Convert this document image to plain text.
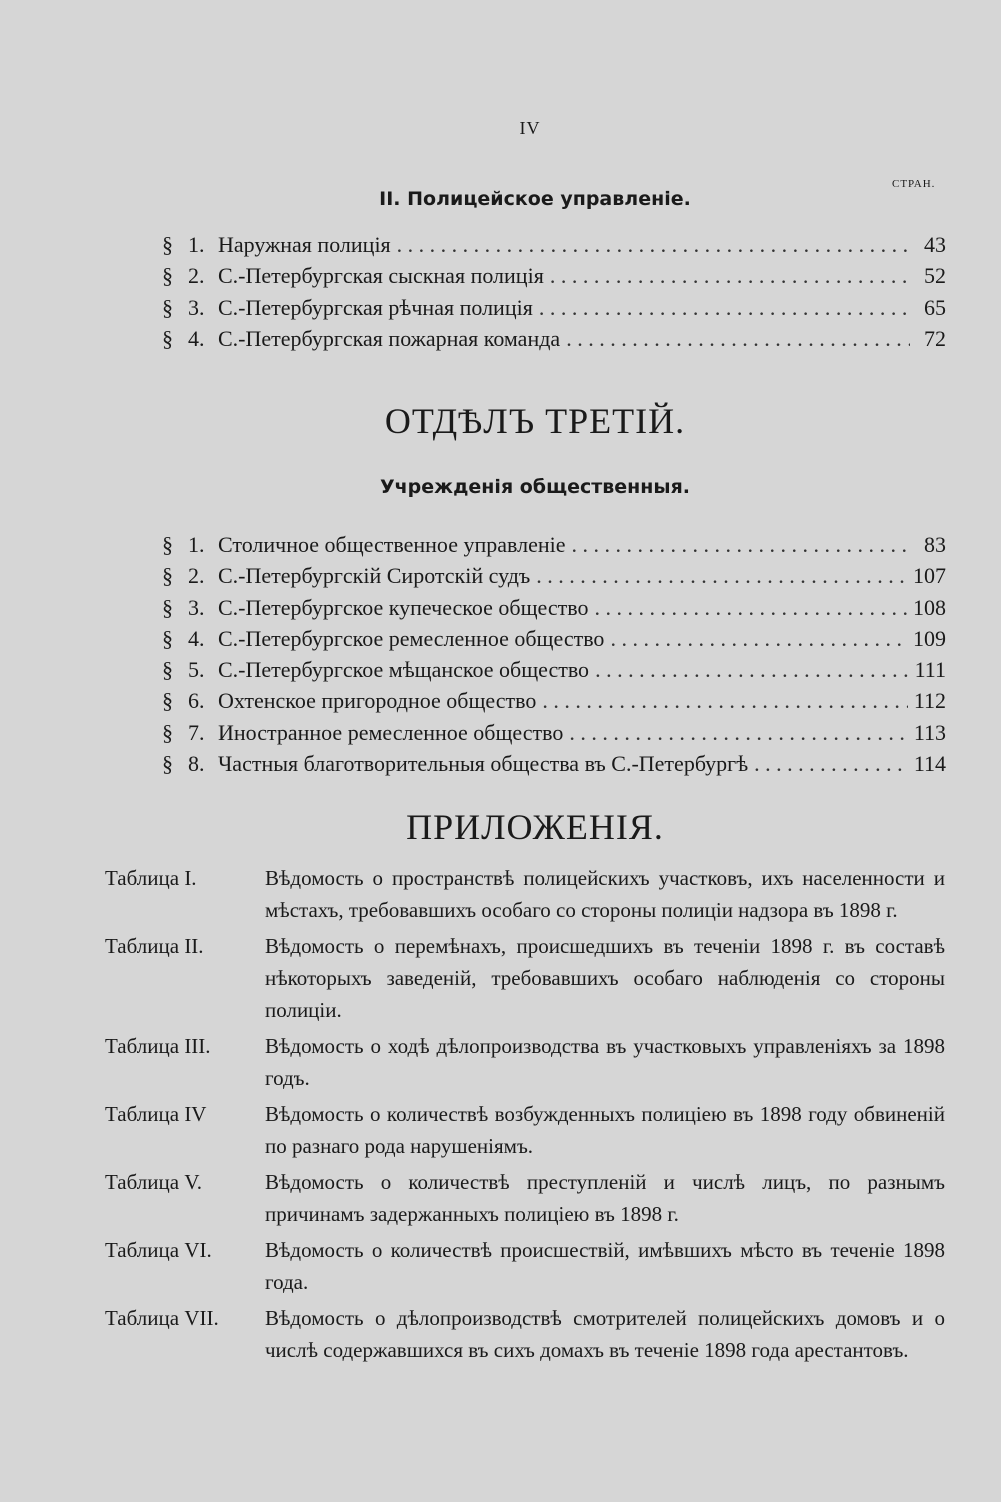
IV
СТРАН.
II. Полицейское управленіе.
§ 1. Наружная полиція . . .	43
§ 2. С.-Петербургская сыскная полиція . . .	52
§ 3. С.-Петербургская рѣчная полиція . . .	65
§ 4. С.-Петербургская пожарная команда . . .	72
ОТДѢЛЪ ТРЕТІЙ.
Учрежденія общественныя.
§ 1. Столичное общественное управленіе . . .	83
§ 2. С.-Петербургскій Сиротскій судъ . . .	107
§ 3. С.-Петербургское купеческое общество . . .	108
§ 4. С.-Петербургское ремесленное общество . . .	109
§ 5. С.-Петербургское мѣщанское общество . . .	111
§ 6. Охтенское пригородное общество . . .	112
§ 7. Иностранное ремесленное общество . . .	113
§ 8. Частныя благотворительныя общества въ С.-Петербургѣ . . .	114
ПРИЛОЖЕНІЯ.
Таблица I.	Вѣдомость о пространствѣ полицейскихъ участковъ, ихъ населенности и мѣстахъ, требовавшихъ особаго со стороны полиціи надзора въ 1898 г.
Таблица II.	Вѣдомость о перемѣнахъ, происшедшихъ въ теченіи 1898 г. въ составѣ нѣкоторыхъ заведеній, требовавшихъ особаго наблюденія со стороны полиціи.
Таблица III.	Вѣдомость о ходѣ дѣлопроизводства въ участковыхъ управленіяхъ за 1898 годъ.
Таблица IV	Вѣдомость о количествѣ возбужденныхъ полиціею въ 1898 году обвиненій по разнаго рода нарушеніямъ.
Таблица V.	Вѣдомость о количествѣ преступленій и числѣ лицъ, по разнымъ причинамъ задержанныхъ полиціею въ 1898 г.
Таблица VI.	Вѣдомость о количествѣ происшествій, имѣвшихъ мѣсто въ теченіе 1898 года.
Таблица VII.	Вѣдомость о дѣлопроизводствѣ смотрителей полицейскихъ домовъ и о числѣ содержавшихся въ сихъ домахъ въ теченіе 1898 года арестантовъ.
